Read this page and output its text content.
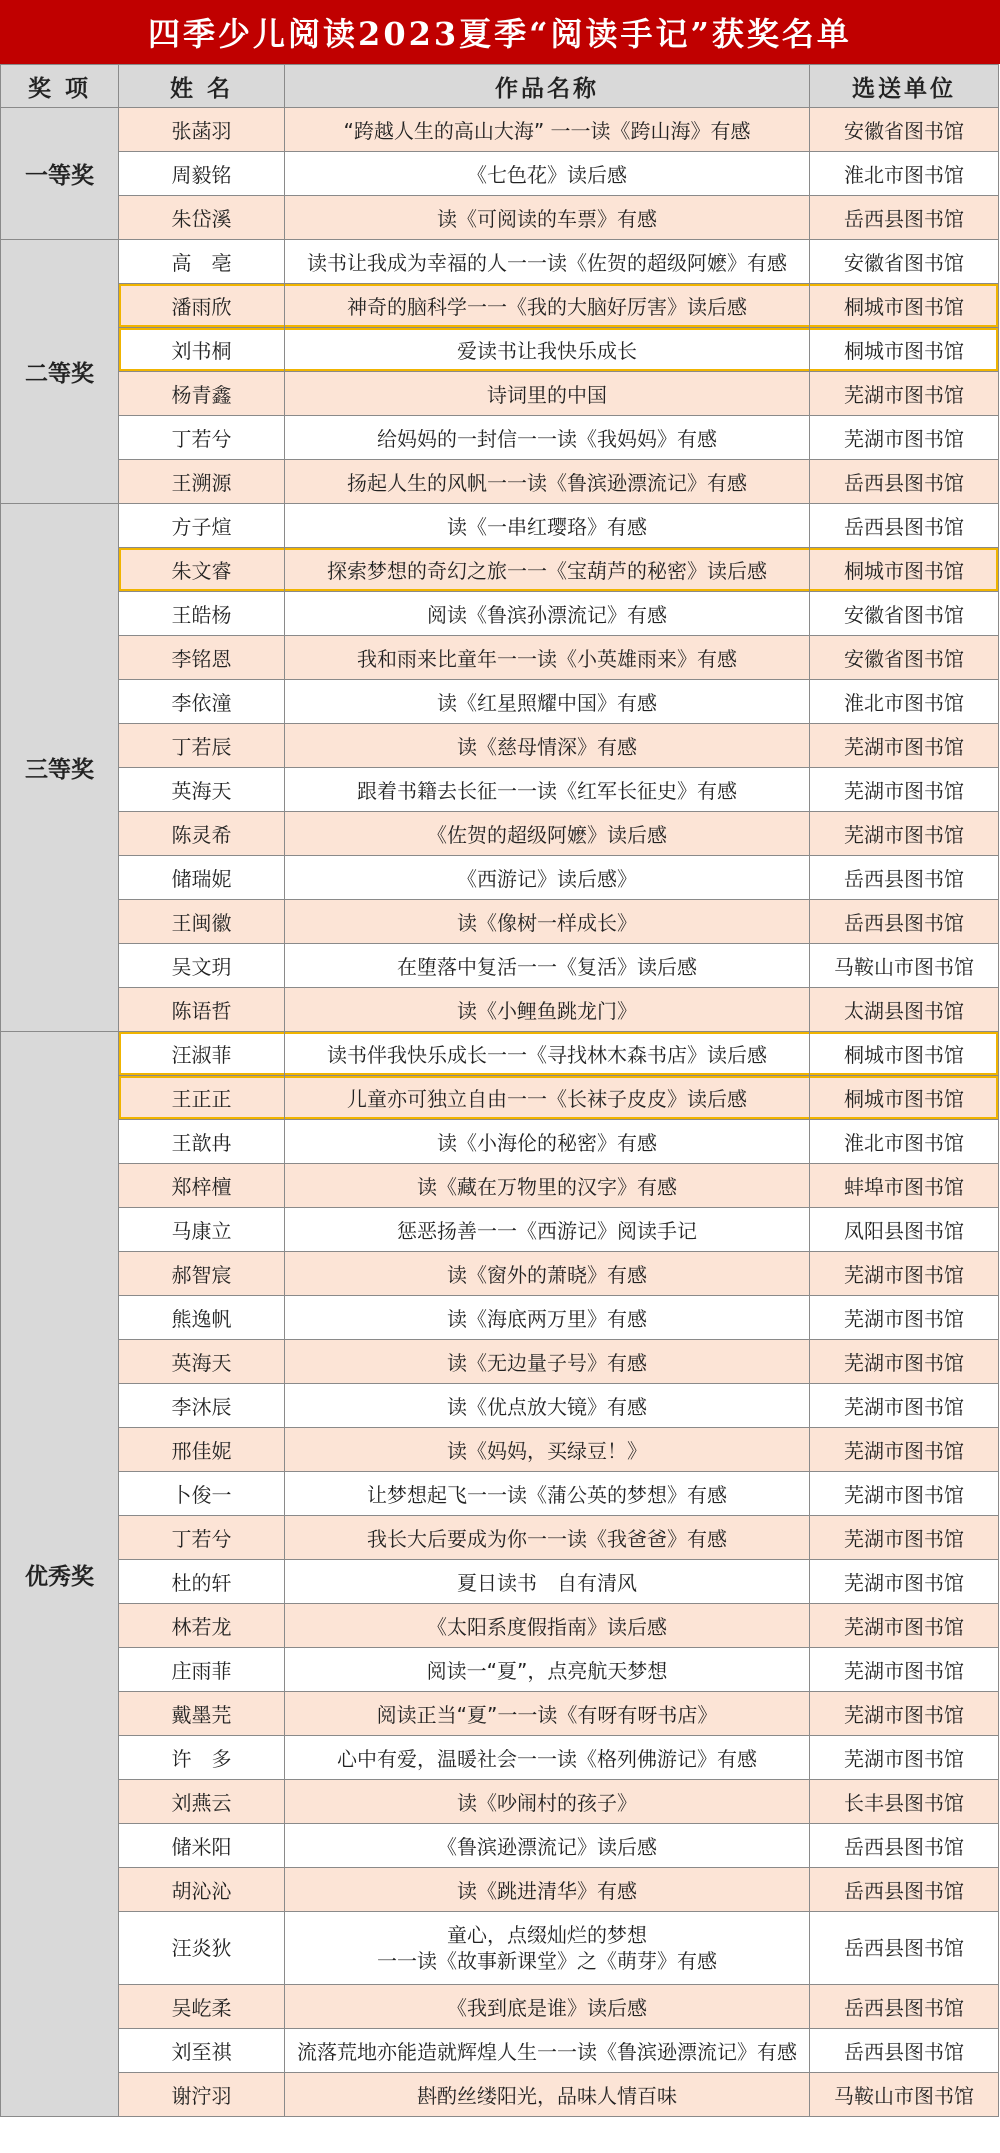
四季少儿阅读2023夏季“阅读手记”获奖名单
奖 项	姓 名	作品名称	选送单位
一等奖	张菡羽	“跨越人生的高山大海” 一一读《跨山海》有感	安徽省图书馆
	周毅铭	《七色花》读后感	淮北市图书馆
	朱岱溪	读《可阅读的车票》有感	岳西县图书馆
二等奖	高　亳	读书让我成为幸福的人一一读《佐贺的超级阿嬷》有感	安徽省图书馆
	潘雨欣	神奇的脑科学一一《我的大脑好厉害》读后感	桐城市图书馆
	刘书桐	爱读书让我快乐成长	桐城市图书馆
	杨青鑫	诗词里的中国	芜湖市图书馆
	丁若兮	给妈妈的一封信一一读《我妈妈》有感	芜湖市图书馆
	王溯源	扬起人生的风帆一一读《鲁滨逊漂流记》有感	岳西县图书馆
三等奖	方子煊	读《一串红璎珞》有感	岳西县图书馆
	朱文睿	探索梦想的奇幻之旅一一《宝葫芦的秘密》读后感	桐城市图书馆
	王皓杨	阅读《鲁滨孙漂流记》有感	安徽省图书馆
	李铭恩	我和雨来比童年一一读《小英雄雨来》有感	安徽省图书馆
	李依潼	读《红星照耀中国》有感	淮北市图书馆
	丁若辰	读《慈母情深》有感	芜湖市图书馆
	英海天	跟着书籍去长征一一读《红军长征史》有感	芜湖市图书馆
	陈灵希	《佐贺的超级阿嬷》读后感	芜湖市图书馆
	储瑞妮	《西游记》读后感》	岳西县图书馆
	王闽徽	读《像树一样成长》	岳西县图书馆
	吴文玥	在堕落中复活一一《复活》读后感	马鞍山市图书馆
	陈语哲	读《小鲤鱼跳龙门》	太湖县图书馆
优秀奖	汪淑菲	读书伴我快乐成长一一《寻找林木森书店》读后感	桐城市图书馆
	王正正	儿童亦可独立自由一一《长袜子皮皮》读后感	桐城市图书馆
	王歆冉	读《小海伦的秘密》有感	淮北市图书馆
	郑梓檀	读《藏在万物里的汉字》有感	蚌埠市图书馆
	马康立	惩恶扬善一一《西游记》阅读手记	凤阳县图书馆
	郝智宸	读《窗外的萧晓》有感	芜湖市图书馆
	熊逸帆	读《海底两万里》有感	芜湖市图书馆
	英海天	读《无边量子号》有感	芜湖市图书馆
	李沐辰	读《优点放大镜》有感	芜湖市图书馆
	邢佳妮	读《妈妈，买绿豆！》	芜湖市图书馆
	卜俊一	让梦想起飞一一读《蒲公英的梦想》有感	芜湖市图书馆
	丁若兮	我长大后要成为你一一读《我爸爸》有感	芜湖市图书馆
	杜的轩	夏日读书　自有清风	芜湖市图书馆
	林若龙	《太阳系度假指南》读后感	芜湖市图书馆
	庄雨菲	阅读一“夏”，点亮航天梦想	芜湖市图书馆
	戴墨芫	阅读正当“夏”一一读《有呀有呀书店》	芜湖市图书馆
	许　多	心中有爱，温暖社会一一读《格列佛游记》有感	芜湖市图书馆
	刘燕云	读《吵闹村的孩子》	长丰县图书馆
	储米阳	《鲁滨逊漂流记》读后感	岳西县图书馆
	胡沁沁	读《跳进清华》有感	岳西县图书馆
	汪炎狄	童心，点缀灿烂的梦想
一一读《故事新课堂》之《萌芽》有感	岳西县图书馆
	吴屹柔	《我到底是谁》读后感	岳西县图书馆
	刘至祺	流落荒地亦能造就辉煌人生一一读《鲁滨逊漂流记》有感	岳西县图书馆
	谢泞羽	斟酌丝缕阳光，品味人情百味	马鞍山市图书馆
